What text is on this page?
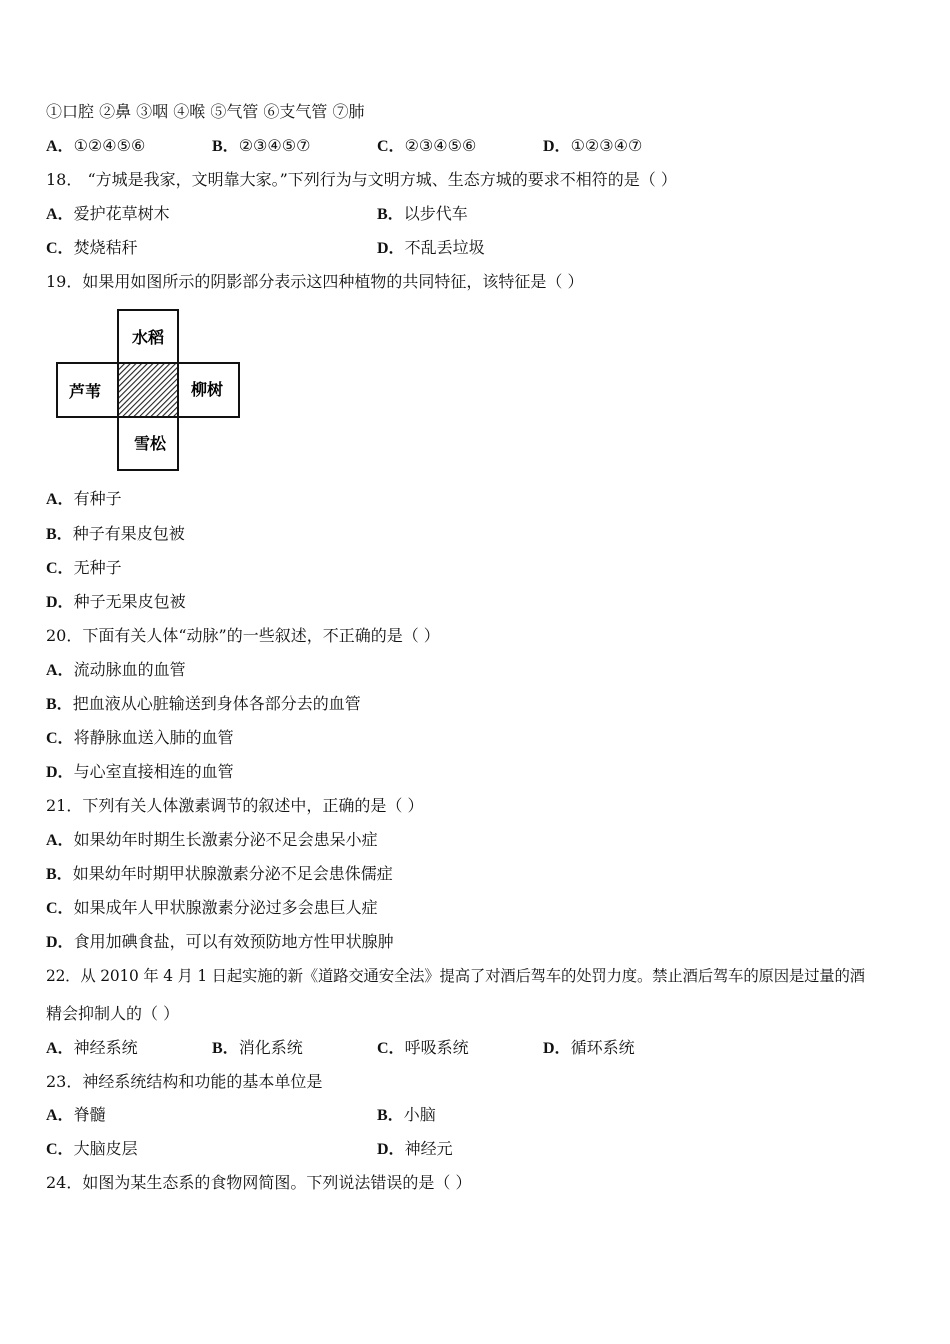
①口腔 ②鼻 ③咽 ④喉 ⑤气管 ⑥支气管 ⑦肺
A．①②④⑤⑥	B．②③④⑤⑦	C．②③④⑤⑥	D．①②③④⑦
18． “方城是我家，文明靠大家。”下列行为与文明方城、生态方城的要求不相符的是（ ）
A．爱护花草树木	B．以步代车
C．焚烧秸秆	D．不乱丢垃圾
19．如果用如图所示的阴影部分表示这四种植物的共同特征，该特征是（ ）
水稻
芦苇	柳树
雪松
A．有种子
B．种子有果皮包被
C．无种子
D．种子无果皮包被
20．下面有关人体“动脉”的一些叙述，不正确的是（ ）
A．流动脉血的血管
B．把血液从心脏输送到身体各部分去的血管
C．将静脉血送入肺的血管
D．与心室直接相连的血管
21．下列有关人体激素调节的叙述中，正确的是（ ）
A．如果幼年时期生长激素分泌不足会患呆小症
B．如果幼年时期甲状腺激素分泌不足会患侏儒症
C．如果成年人甲状腺激素分泌过多会患巨人症
D．食用加碘食盐，可以有效预防地方性甲状腺肿
22．从 2010 年 4 月 1 日起实施的新《道路交通安全法》提高了对酒后驾车的处罚力度。禁止酒后驾车的原因是过量的酒
精会抑制人的（ ）
A．神经系统	B．消化系统	C．呼吸系统	D．循环系统
23．神经系统结构和功能的基本单位是
A．脊髓	B．小脑
C．大脑皮层	D．神经元
24．如图为某生态系的食物网简图。下列说法错误的是（ ）
